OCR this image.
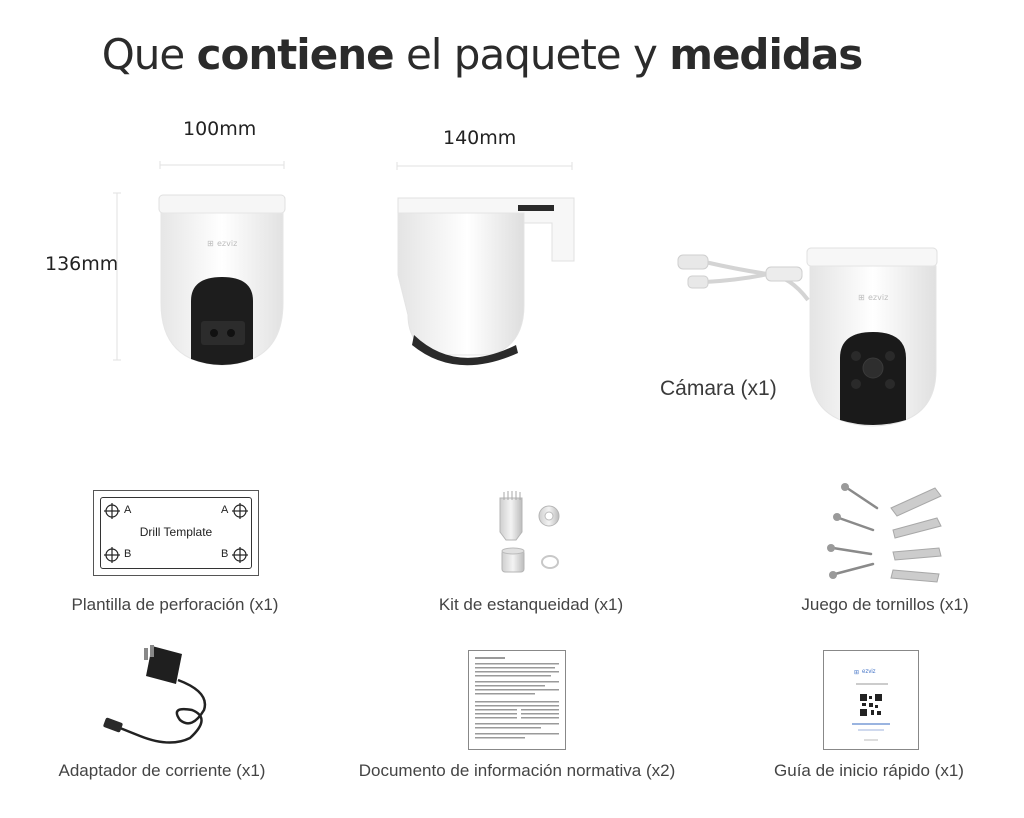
Que contiene el paquete y medidas
100mm	140mm
136mm
⊞ ezviz
⊞ ezviz
Cámara (x1)
A	A
B	B
Drill Template
⊞ ezviz
Plantilla de perforación (x1)	Kit de estanqueidad (x1)	Juego de tornillos (x1)
Adaptador de corriente (x1)	Documento de información normativa (x2)	Guía de inicio rápido (x1)
